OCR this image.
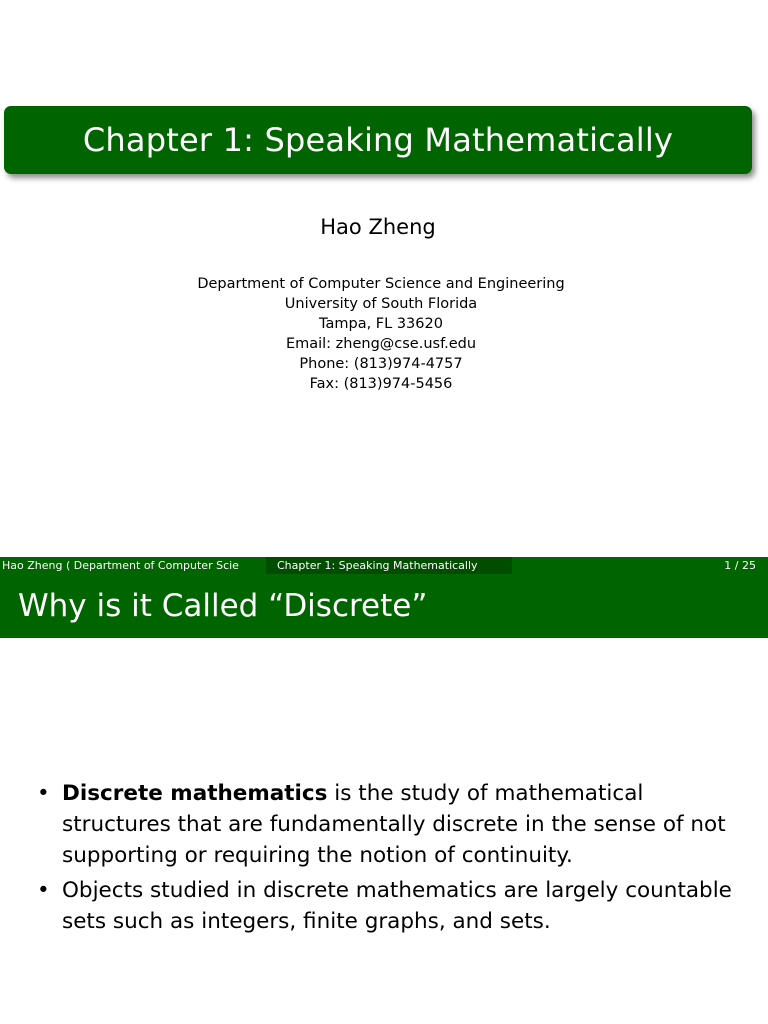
Chapter 1: Speaking Mathematically
Hao Zheng
Department of Computer Science and Engineering
University of South Florida
Tampa, FL 33620
Email: zheng@cse.usf.edu
Phone: (813)974-4757
Fax: (813)974-5456
Hao Zheng ( Department of Computer Scie	Chapter 1: Speaking Mathematically	1 / 25
Why is it Called “Discrete”
• Discrete mathematics is the study of mathematical structures that are fundamentally discrete in the sense of not supporting or requiring the notion of continuity.
• Objects studied in discrete mathematics are largely countable sets such as integers, finite graphs, and sets.
